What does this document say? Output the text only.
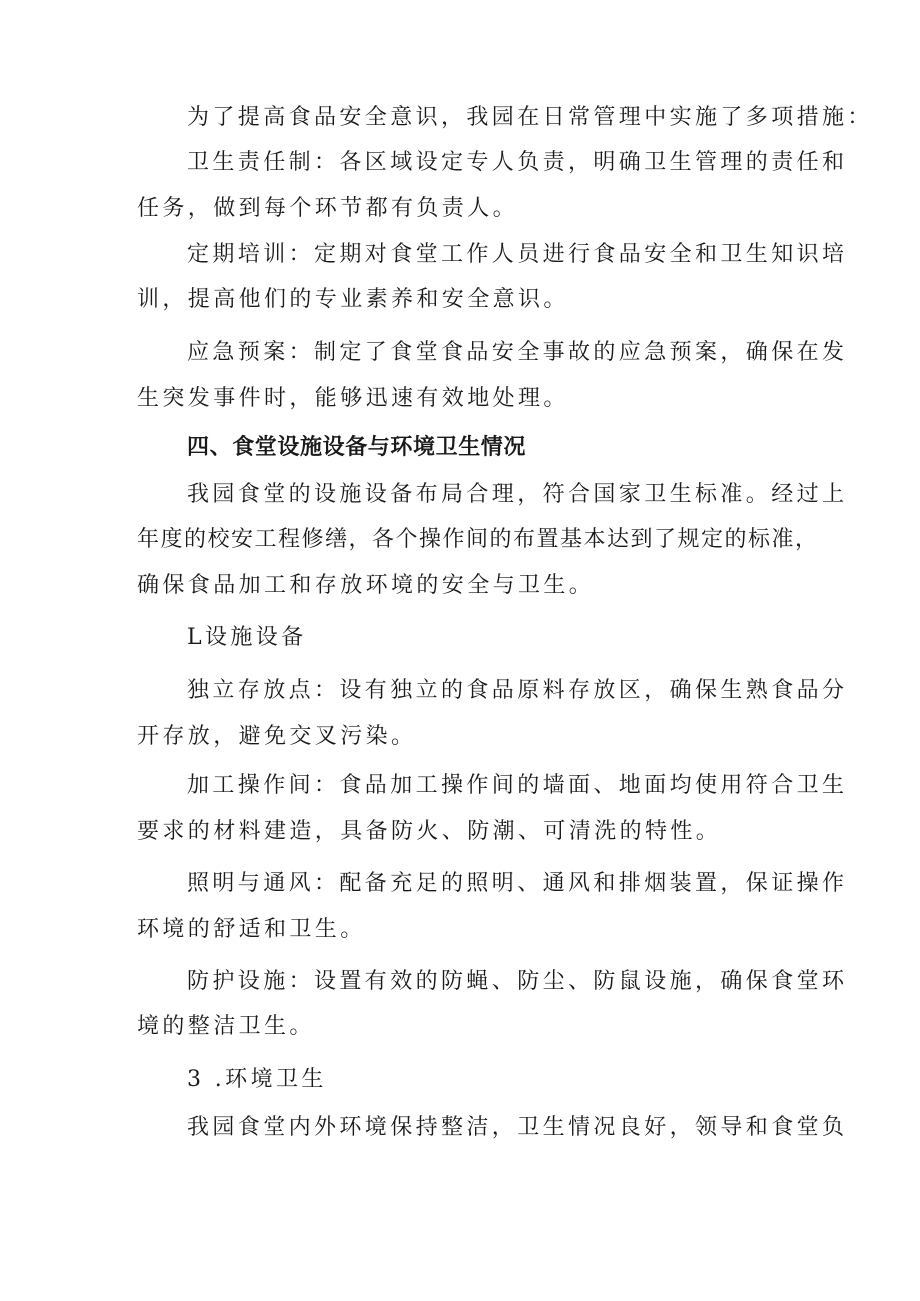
为了提高食品安全意识，我园在日常管理中实施了多项措施：
卫生责任制：各区域设定专人负责，明确卫生管理的责任和
任务，做到每个环节都有负责人。
定期培训：定期对食堂工作人员进行食品安全和卫生知识培
训，提高他们的专业素养和安全意识。
应急预案：制定了食堂食品安全事故的应急预案，确保在发
生突发事件时，能够迅速有效地处理。
四、食堂设施设备与环境卫生情况
我园食堂的设施设备布局合理，符合国家卫生标准。经过上
年度的校安工程修缮，各个操作间的布置基本达到了规定的标准，
确保食品加工和存放环境的安全与卫生。
L设施设备
独立存放点：设有独立的食品原料存放区，确保生熟食品分
开存放，避免交叉污染。
加工操作间：食品加工操作间的墙面、地面均使用符合卫生
要求的材料建造，具备防火、防潮、可清洗的特性。
照明与通风：配备充足的照明、通风和排烟装置，保证操作
环境的舒适和卫生。
防护设施：设置有效的防蝇、防尘、防鼠设施，确保食堂环
境的整洁卫生。
3 .环境卫生
我园食堂内外环境保持整洁，卫生情况良好，领导和食堂负
